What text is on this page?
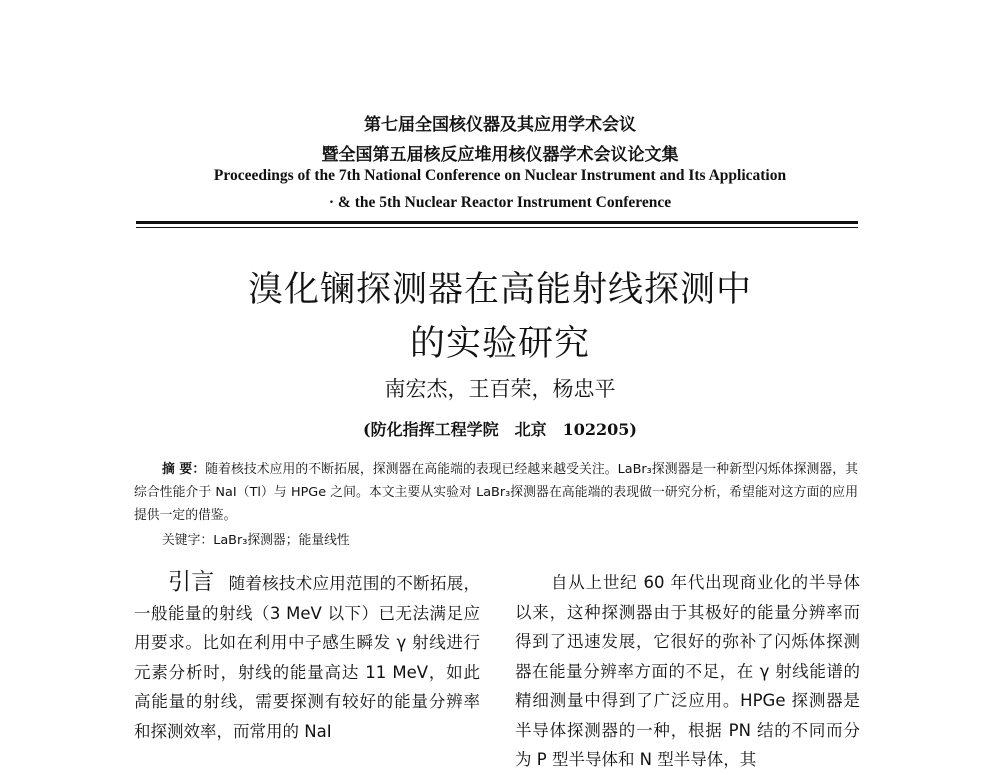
第七届全国核仪器及其应用学术会议
暨全国第五届核反应堆用核仪器学术会议论文集
Proceedings of the 7th National Conference on Nuclear Instrument and Its Application
· & the 5th Nuclear Reactor Instrument Conference
溴化镧探测器在高能射线探测中
的实验研究
南宏杰，王百荣，杨忠平
(防化指挥工程学院　北京　102205)
摘 要：随着核技术应用的不断拓展，探测器在高能端的表现已经越来越受关注。LaBr₃探测器是一种新型闪烁体探测器，其综合性能介于 NaI（Tl）与 HPGe 之间。本文主要从实验对 LaBr₃探测器在高能端的表现做一研究分析，希望能对这方面的应用提供一定的借鉴。
关键字：LaBr₃探测器；能量线性
引言 随着核技术应用范围的不断拓展，一般能量的射线（3 MeV 以下）已无法满足应用要求。比如在利用中子感生瞬发 γ 射线进行元素分析时，射线的能量高达 11 MeV，如此高能量的射线，需要探测有较好的能量分辨率和探测效率，而常用的 NaI
自从上世纪 60 年代出现商业化的半导体以来，这种探测器由于其极好的能量分辨率而得到了迅速发展，它很好的弥补了闪烁体探测器在能量分辨率方面的不足，在 γ 射线能谱的精细测量中得到了广泛应用。HPGe 探测器是半导体探测器的一种，根据 PN 结的不同而分为 P 型半导体和 N 型半导体，其
